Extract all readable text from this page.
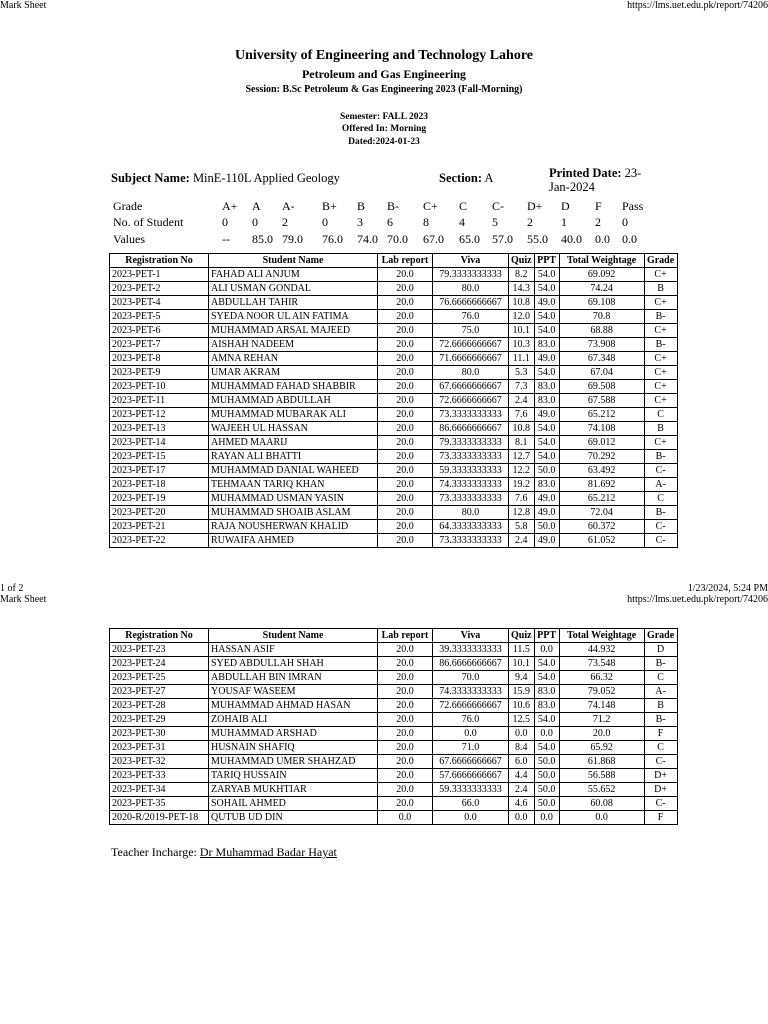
Mark Sheet	https://lms.uet.edu.pk/report/74206
University of Engineering and Technology Lahore
Petroleum and Gas Engineering
Session: B.Sc Petroleum & Gas Engineering 2023 (Fall-Morning)
Semester: FALL 2023
Offered In: Morning
Dated:2024-01-23
Subject Name: MinE-110L Applied Geology	Section: A	Printed Date: 23-Jan-2024
Grade	A+ A A- B+ B B- C+ C C- D+ D F Pass
No. of Student	0 0 2	0 3 6	8	4 5 2 1 2 0
Values	-- 85.0 79.0 76.0 74.0 70.0 67.0 65.0 57.0 55.0 40.0 0.0 0.0
Registration No	Student Name	Lab report	Viva	Quiz	PPT	Total Weightage	Grade
2023-PET-1	FAHAD ALI ANJUM	20.0	79.3333333333	8.2	54.0	69.092	C+
2023-PET-2	ALI USMAN GONDAL	20.0	80.0	14.3	54.0	74.24	B
2023-PET-4	ABDULLAH TAHIR	20.0	76.6666666667	10.8	49.0	69.108	C+
2023-PET-5	SYEDA NOOR UL AIN FATIMA	20.0	76.0	12.0	54.0	70.8	B-
2023-PET-6	MUHAMMAD ARSAL MAJEED	20.0	75.0	10.1	54.0	68.88	C+
2023-PET-7	AISHAH NADEEM	20.0	72.6666666667	10.3	83.0	73.908	B-
2023-PET-8	AMNA REHAN	20.0	71.6666666667	11.1	49.0	67.348	C+
2023-PET-9	UMAR AKRAM	20.0	80.0	5.3	54.0	67.04	C+
2023-PET-10	MUHAMMAD FAHAD SHABBIR	20.0	67.6666666667	7.3	83.0	69.508	C+
2023-PET-11	MUHAMMAD ABDULLAH	20.0	72.6666666667	2.4	83.0	67.588	C+
2023-PET-12	MUHAMMAD MUBARAK ALI	20.0	73.3333333333	7.6	49.0	65.212	C
2023-PET-13	WAJEEH UL HASSAN	20.0	86.6666666667	10.8	54.0	74.108	B
2023-PET-14	AHMED MAARIJ	20.0	79.3333333333	8.1	54.0	69.012	C+
2023-PET-15	RAYAN ALI BHATTI	20.0	73.3333333333	12.7	54.0	70.292	B-
2023-PET-17	MUHAMMAD DANIAL WAHEED	20.0	59.3333333333	12.2	50.0	63.492	C-
2023-PET-18	TEHMAAN TARIQ KHAN	20.0	74.3333333333	19.2	83.0	81.692	A-
2023-PET-19	MUHAMMAD USMAN YASIN	20.0	73.3333333333	7.6	49.0	65.212	C
2023-PET-20	MUHAMMAD SHOAIB ASLAM	20.0	80.0	12.8	49.0	72.04	B-
2023-PET-21	RAJA NOUSHERWAN KHALID	20.0	64.3333333333	5.8	50.0	60.372	C-
2023-PET-22	RUWAIFA AHMED	20.0	73.3333333333	2.4	49.0	61.052	C-
1 of 2	1/23/2024, 5:24 PM
Mark Sheet	https://lms.uet.edu.pk/report/74206
Registration No	Student Name	Lab report	Viva	Quiz	PPT	Total Weightage	Grade
2023-PET-23	HASSAN ASIF	20.0	39.3333333333	11.5	0.0	44.932	D
2023-PET-24	SYED ABDULLAH SHAH	20.0	86.6666666667	10.1	54.0	73.548	B-
2023-PET-25	ABDULLAH BIN IMRAN	20.0	70.0	9.4	54.0	66.32	C
2023-PET-27	YOUSAF WASEEM	20.0	74.3333333333	15.9	83.0	79.052	A-
2023-PET-28	MUHAMMAD AHMAD HASAN	20.0	72.6666666667	10.6	83.0	74.148	B
2023-PET-29	ZOHAIB ALI	20.0	76.0	12.5	54.0	71.2	B-
2023-PET-30	MUHAMMAD ARSHAD	20.0	0.0	0.0	0.0	20.0	F
2023-PET-31	HUSNAIN SHAFIQ	20.0	71.0	8.4	54.0	65.92	C
2023-PET-32	MUHAMMAD UMER SHAHZAD	20.0	67.6666666667	6.0	50.0	61.868	C-
2023-PET-33	TARIQ HUSSAIN	20.0	57.6666666667	4.4	50.0	56.588	D+
2023-PET-34	ZARYAB MUKHTIAR	20.0	59.3333333333	2.4	50.0	55.652	D+
2023-PET-35	SOHAIL AHMED	20.0	66.0	4.6	50.0	60.08	C-
2020-R/2019-PET-18	QUTUB UD DIN	0.0	0.0	0.0	0.0	0.0	F
Teacher Incharge: Dr Muhammad Badar Hayat
